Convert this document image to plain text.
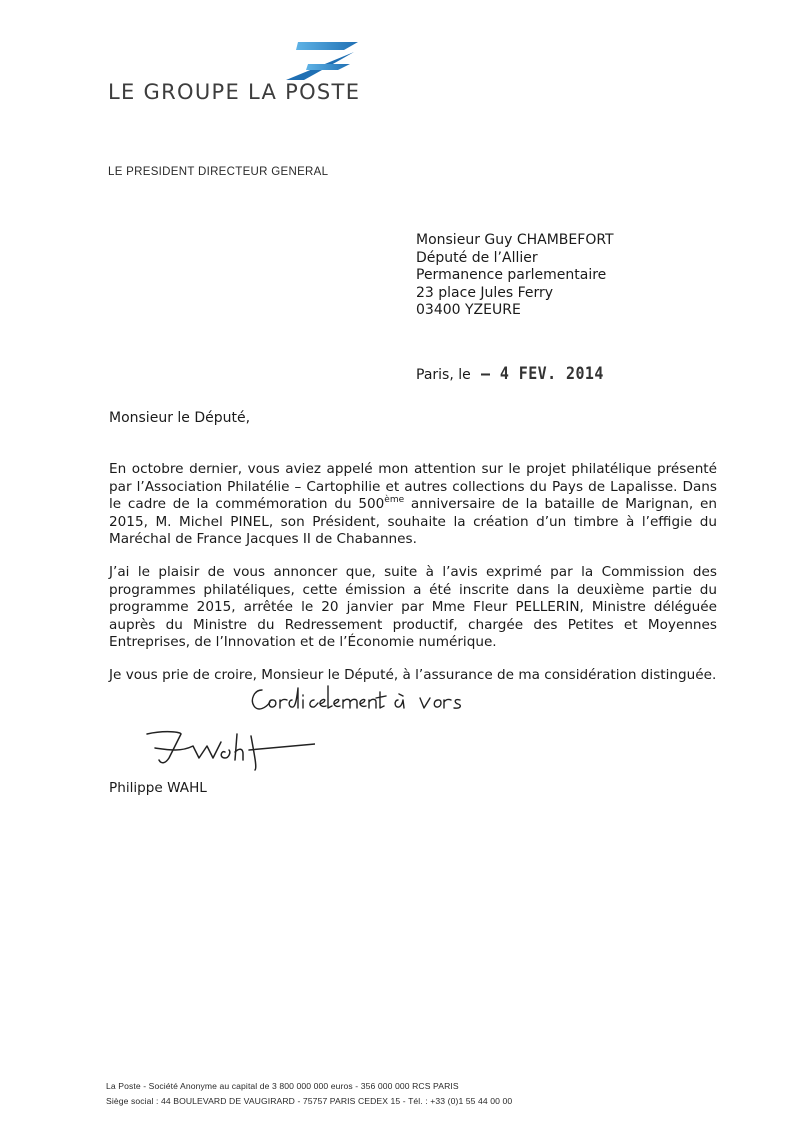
LE GROUPE LA POSTE
LE PRESIDENT DIRECTEUR GENERAL
Monsieur Guy CHAMBEFORT
Député de l’Allier
Permanence parlementaire
23 place Jules Ferry
03400 YZEURE
Paris, le – 4 FEV. 2014
Monsieur le Député,

En octobre dernier, vous aviez appelé mon attention sur le projet philatélique présenté par l’Association Philatélie – Cartophilie et autres collections du Pays de Lapalisse. Dans le cadre de la commémoration du 500ème anniversaire de la bataille de Marignan, en 2015, M. Michel PINEL, son Président, souhaite la création d’un timbre à l’effigie du Maréchal de France Jacques II de Chabannes.

J’ai le plaisir de vous annoncer que, suite à l’avis exprimé par la Commission des programmes philatéliques, cette émission a été inscrite dans la deuxième partie du programme 2015, arrêtée le 20 janvier par Mme Fleur PELLERIN, Ministre déléguée auprès du Ministre du Redressement productif, chargée des Petites et Moyennes Entreprises, de l’Innovation et de l’Économie numérique.

Je vous prie de croire, Monsieur le Député, à l’assurance de ma considération distinguée.

Philippe WAHL
La Poste - Société Anonyme au capital de 3 800 000 000 euros - 356 000 000 RCS PARIS
Siège social : 44 BOULEVARD DE VAUGIRARD - 75757 PARIS CEDEX 15 - Tél. : +33 (0)1 55 44 00 00
